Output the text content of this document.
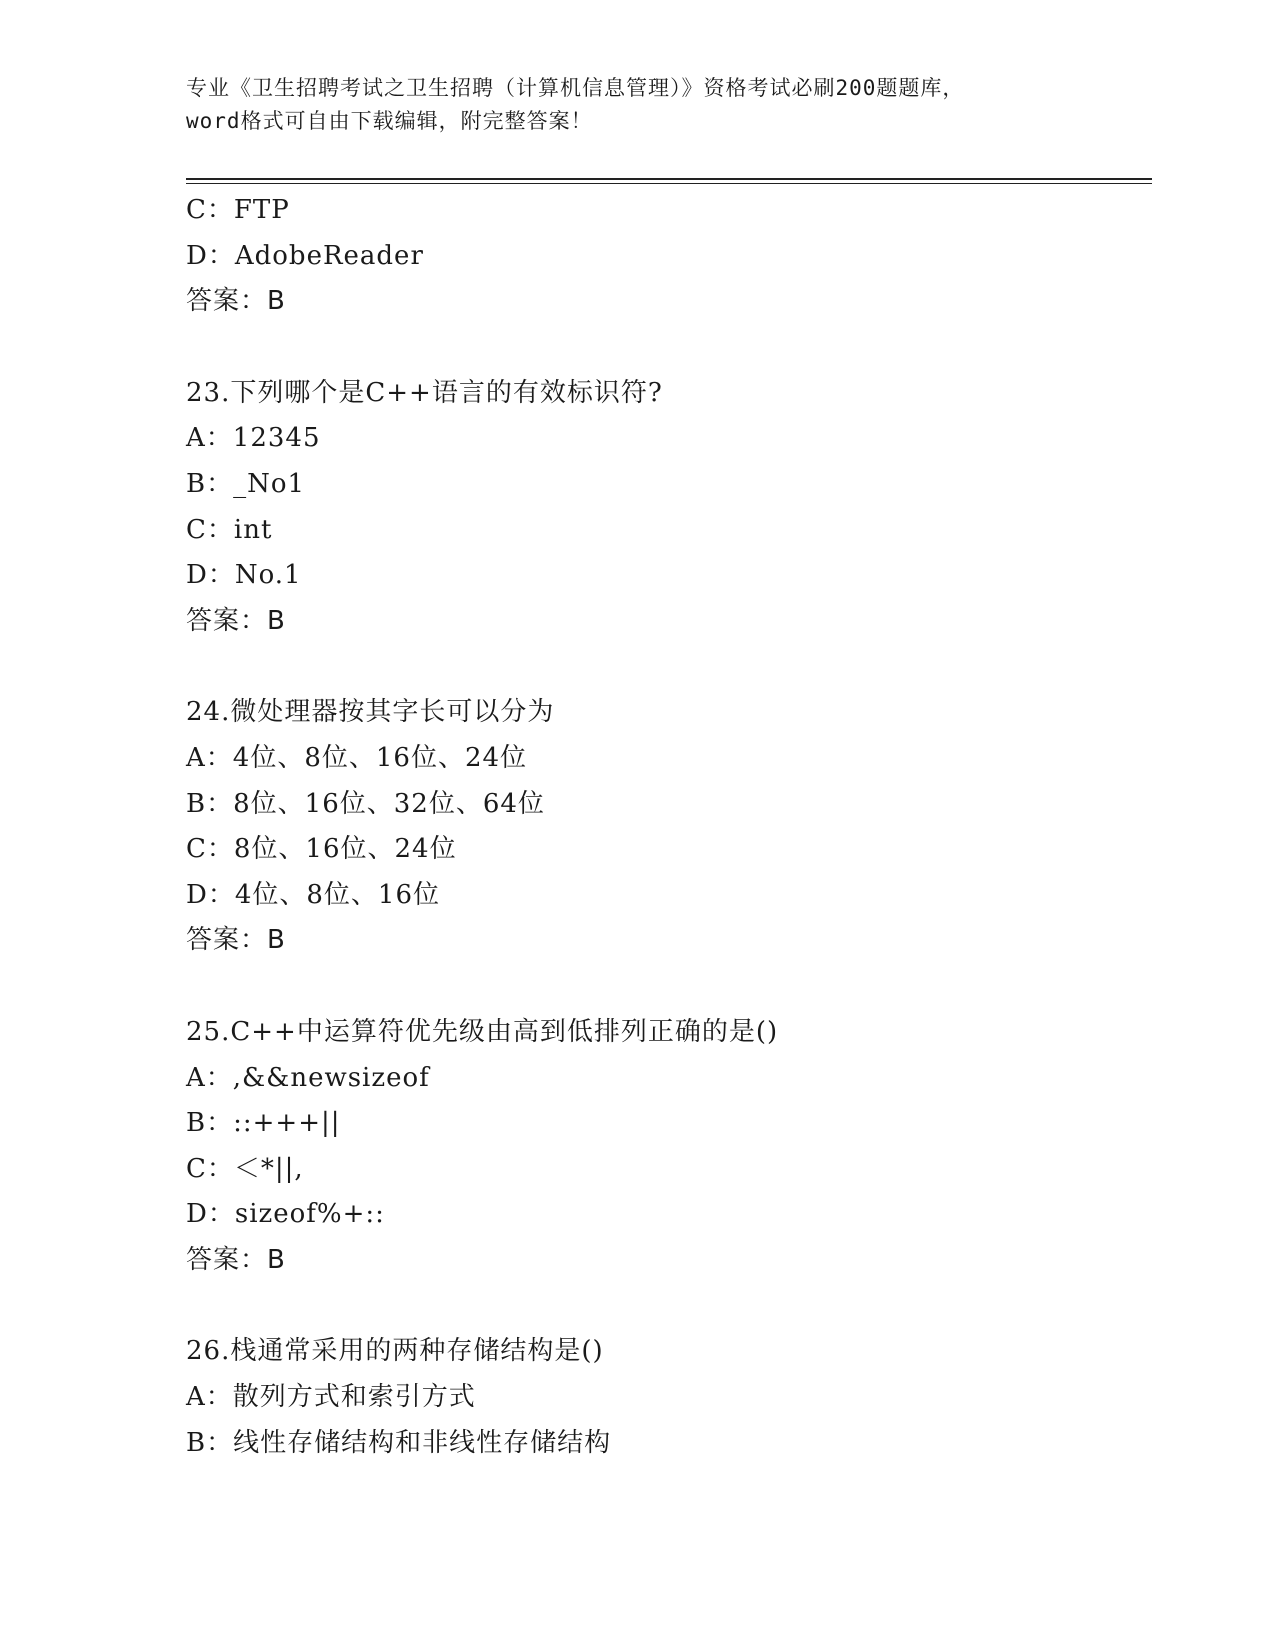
专业《卫生招聘考试之卫生招聘（计算机信息管理）》资格考试必刷200题题库，
word格式可自由下载编辑，附完整答案！
C：FTP
D：AdobeReader
答案：B
23.下列哪个是C++语言的有效标识符?
A：12345
B：_No1
C：int
D：No.1
答案：B
24.微处理器按其字长可以分为
A：4位、8位、16位、24位
B：8位、16位、32位、64位
C：8位、16位、24位
D：4位、8位、16位
答案：B
25.C++中运算符优先级由高到低排列正确的是()
A：,&&newsizeof
B：::+++||
C：＜*||,
D：sizeof%+::
答案：B
26.栈通常采用的两种存储结构是()
A：散列方式和索引方式
B：线性存储结构和非线性存储结构
